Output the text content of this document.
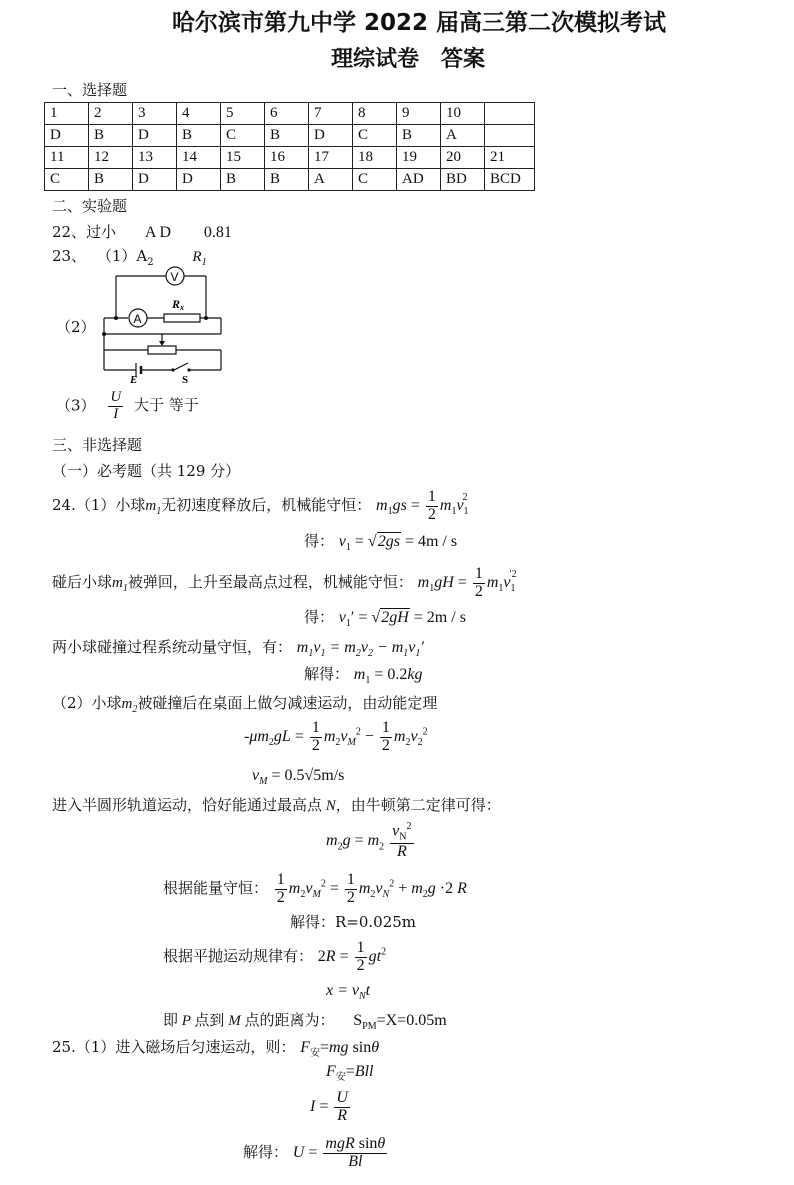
哈尔滨市第九中学 2022 届高三第二次模拟考试
理综试卷　答案
一、选择题
1	2	3	4	5	6	7	8	9	10	
D	B	D	B	C	B	D	C	B	A	
11	12	13	14	15	16	17	18	19	20	21
C	B	D	D	B	B	A	C	AD	BD	BCD
二、实验题
22、过小 A D 0.81
23、 $(1)A_2$	$R_1$
（2）
V
A
Rx
E	S
$(3) \frac{U}{I}$ 大于 等于
三、非选择题
（一）必考题（共 129 分）
24.（1）小球$m_1$无初速度释放后，机械能守恒： $m_1gs = \frac{1}{2} m_1v_1^2$
得： $v_1 = √2gs = 4m / s$
碰后小球$m_1$被弹回，上升至最高点过程，机械能守恒： $m_1gH = \frac{1}{2} m_1v_1^{'2}$
得： $v_1' = √2gH = 2m / s$
两小球碰撞过程系统动量守恒，有： $m_1v_1 = m_2v_2 - m_1v_1'$
解得： $m_1 = 0.2kg$
（2）小球$m_2$被碰撞后在桌面上做匀减速运动，由动能定理
$-\mu m_2gL = \frac{1}{2} m_2v_M^2 - \frac{1}{2} m_2v_2^2$
$v_M = 0.5√5m/s$
进入半圆形轨道运动，恰好能通过最高点 N，由牛顿第二定律可得：
$m_2g = m_2 \frac{v_N^2}{R}$
根据能量守恒： $\frac{1}{2} m_2v_M^2 = \frac{1}{2} m_2v_N^2 + m_2g \cdot 2$ R
解得：R=0.025m
根据平抛运动规律有： $2R = \frac{1}{2} gt^2$
$x = v_Nt$
即 P 点到 M 点的距离为： $S_{PM}=X=0.05m$
25.（1）进入磁场后匀速运动，则： $F_安=mg$ sinθ
$F_安=Bll$
$I = \frac{U}{R}$
解得： $U = \frac{\text{mgR sinθ}}{Bl}$
